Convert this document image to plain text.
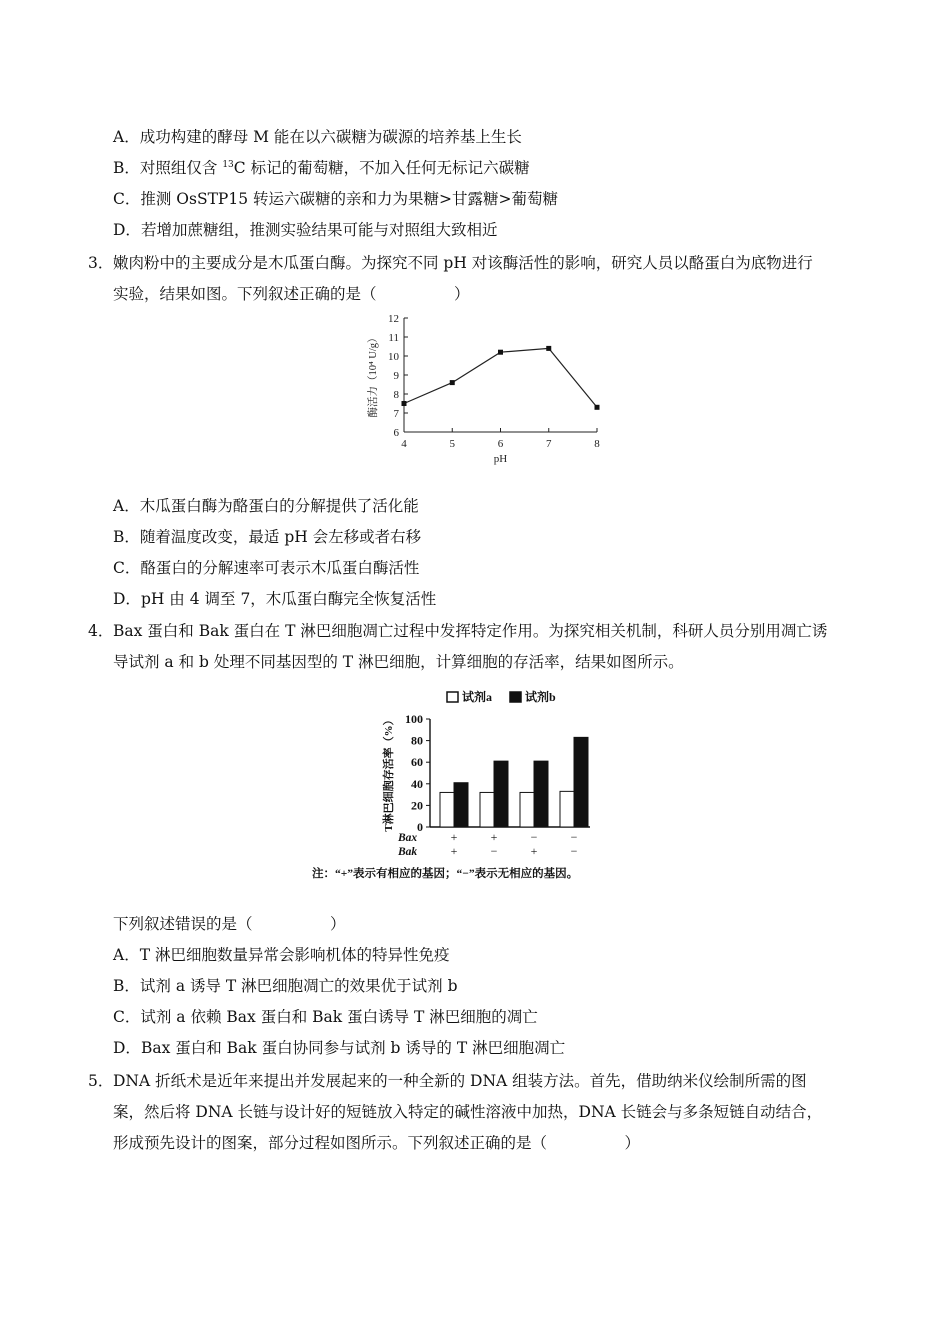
A．成功构建的酵母 M 能在以六碳糖为碳源的培养基上生长
B．对照组仅含 $^{13}$C 标记的葡萄糖，不加入任何无标记六碳糖
C．推测 OsSTP15 转运六碳糖的亲和力为果糖>甘露糖>葡萄糖
D．若增加蔗糖组，推测实验结果可能与对照组大致相近
3． 嫩肉粉中的主要成分是木瓜蛋白酶。为探究不同 pH 对该酶活性的影响，研究人员以酪蛋白为底物进行
实验，结果如图。下列叙述正确的是（　　　　　）
6
7
8
9
10
11
12
4	5	6	7	8
pH
酶活力（10⁴ U/g）
A．木瓜蛋白酶为酪蛋白的分解提供了活化能
B．随着温度改变，最适 pH 会左移或者右移
C．酪蛋白的分解速率可表示木瓜蛋白酶活性
D．pH 由 4 调至 7，木瓜蛋白酶完全恢复活性
4． Bax 蛋白和 Bak 蛋白在 T 淋巴细胞凋亡过程中发挥特定作用。为探究相关机制，科研人员分别用凋亡诱
导试剂 a 和 b 处理不同基因型的 T 淋巴细胞，计算细胞的存活率，结果如图所示。
试剂a	试剂b
0
20
40
60
80
100
T淋巴细胞存活率（%）
Bax	+	+	−	−
Bak	+	−	+	−
注：“+”表示有相应的基因；“−”表示无相应的基因。
下列叙述错误的是（　　　　　）
A．T 淋巴细胞数量异常会影响机体的特异性免疫
B．试剂 a 诱导 T 淋巴细胞凋亡的效果优于试剂 b
C．试剂 a 依赖 Bax 蛋白和 Bak 蛋白诱导 T 淋巴细胞的凋亡
D．Bax 蛋白和 Bak 蛋白协同参与试剂 b 诱导的 T 淋巴细胞凋亡
5． DNA 折纸术是近年来提出并发展起来的一种全新的 DNA 组装方法。首先，借助纳米仪绘制所需的图
案，然后将 DNA 长链与设计好的短链放入特定的碱性溶液中加热，DNA 长链会与多条短链自动结合，
形成预先设计的图案，部分过程如图所示。下列叙述正确的是（　　　　　）
